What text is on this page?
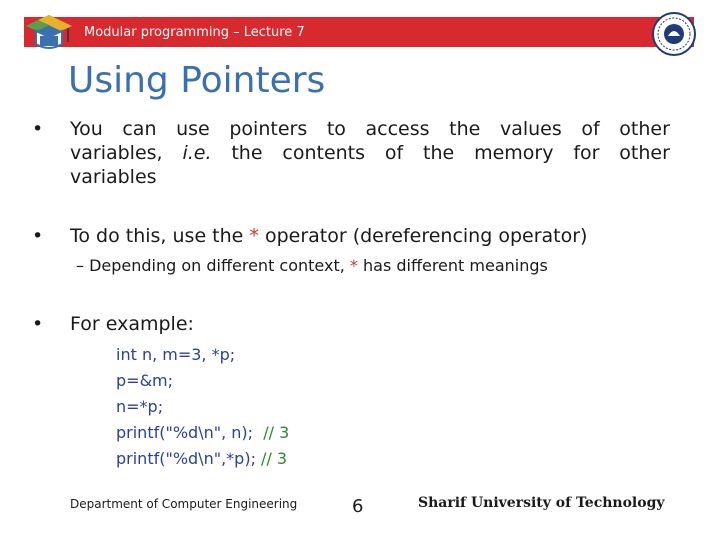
Modular programming – Lecture 7
Using Pointers
• You can use pointers to access the values of other
variables, i.e. the contents of the memory for other
variables
• To do this, use the * operator (dereferencing operator)
– Depending on different context, * has different meanings
• For example:
int n, m=3, *p;
p=&m;
n=*p;
printf("%d\n", n);  // 3
printf("%d\n",*p); // 3
Department of Computer Engineering	6	Sharif University of Technology
